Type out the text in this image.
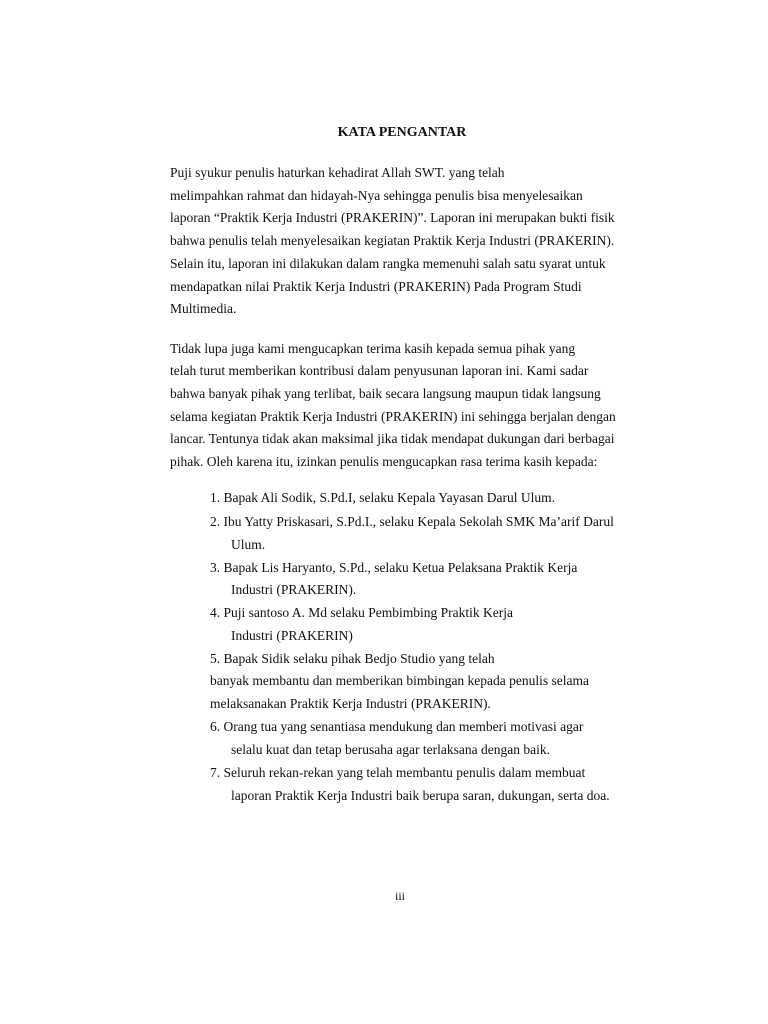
KATA PENGANTAR

Puji syukur penulis haturkan kehadirat Allah SWT. yang telah

melimpahkan rahmat dan hidayah-Nya sehingga penulis bisa menyelesaikan

laporan “Praktik Kerja Industri (PRAKERIN)”. Laporan ini merupakan bukti fisik

bahwa penulis telah menyelesaikan kegiatan Praktik Kerja Industri (PRAKERIN).

Selain itu, laporan ini dilakukan dalam rangka memenuhi salah satu syarat untuk

mendapatkan nilai Praktik Kerja Industri (PRAKERIN) Pada Program Studi

Multimedia.

Tidak lupa juga kami mengucapkan terima kasih kepada semua pihak yang

telah turut memberikan kontribusi dalam penyusunan laporan ini. Kami sadar

bahwa banyak pihak yang terlibat, baik secara langsung maupun tidak langsung

selama kegiatan Praktik Kerja Industri (PRAKERIN) ini sehingga berjalan dengan

lancar. Tentunya tidak akan maksimal jika tidak mendapat dukungan dari berbagai

pihak. Oleh karena itu, izinkan penulis mengucapkan rasa terima kasih kepada:

1. Bapak Ali Sodik, S.Pd.I, selaku Kepala Yayasan Darul Ulum.

2. Ibu Yatty Priskasari, S.Pd.I., selaku Kepala Sekolah SMK Ma’arif Darul

Ulum.

3. Bapak Lis Haryanto, S.Pd., selaku Ketua Pelaksana Praktik Kerja

Industri (PRAKERIN).

4. Puji santoso A. Md selaku Pembimbing Praktik Kerja

Industri (PRAKERIN)

5. Bapak Sidik selaku pihak Bedjo Studio yang telah

banyak membantu dan memberikan bimbingan kepada penulis selama

melaksanakan Praktik Kerja Industri (PRAKERIN).

6. Orang tua yang senantiasa mendukung dan memberi motivasi agar

selalu kuat dan tetap berusaha agar terlaksana dengan baik.

7. Seluruh rekan-rekan yang telah membantu penulis dalam membuat

laporan Praktik Kerja Industri baik berupa saran, dukungan, serta doa.

iii
